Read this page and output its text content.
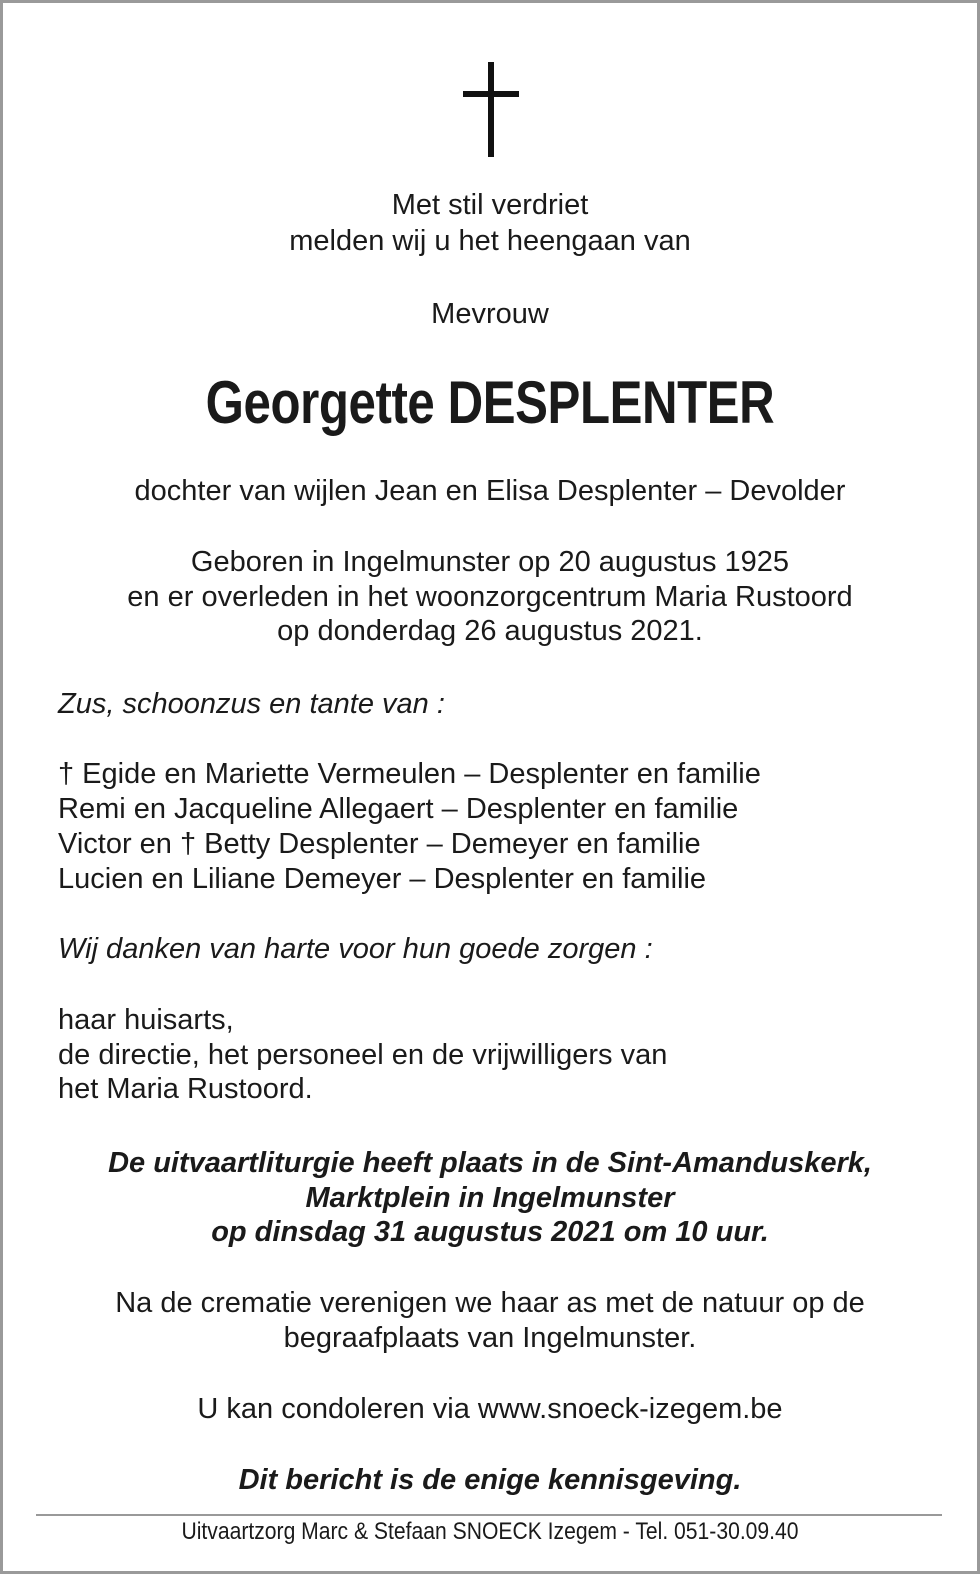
Met stil verdriet
melden wij u het heengaan van
Mevrouw
Georgette DESPLENTER
dochter van wijlen Jean en Elisa Desplenter – Devolder
Geboren in Ingelmunster op 20 augustus 1925
en er overleden in het woonzorgcentrum Maria Rustoord
op donderdag 26 augustus 2021.
Zus, schoonzus en tante van :
† Egide en Mariette Vermeulen – Desplenter en familie
Remi en Jacqueline Allegaert – Desplenter en familie
Victor en † Betty Desplenter – Demeyer en familie
Lucien en Liliane Demeyer – Desplenter en familie
Wij danken van harte voor hun goede zorgen :
haar huisarts,
de directie, het personeel en de vrijwilligers van
het Maria Rustoord.
De uitvaartliturgie heeft plaats in de Sint-Amanduskerk,
Marktplein in Ingelmunster
op dinsdag 31 augustus 2021 om 10 uur.
Na de crematie verenigen we haar as met de natuur op de
begraafplaats van Ingelmunster.
U kan condoleren via www.snoeck-izegem.be
Dit bericht is de enige kennisgeving.
Uitvaartzorg Marc & Stefaan SNOECK Izegem - Tel. 051-30.09.40
